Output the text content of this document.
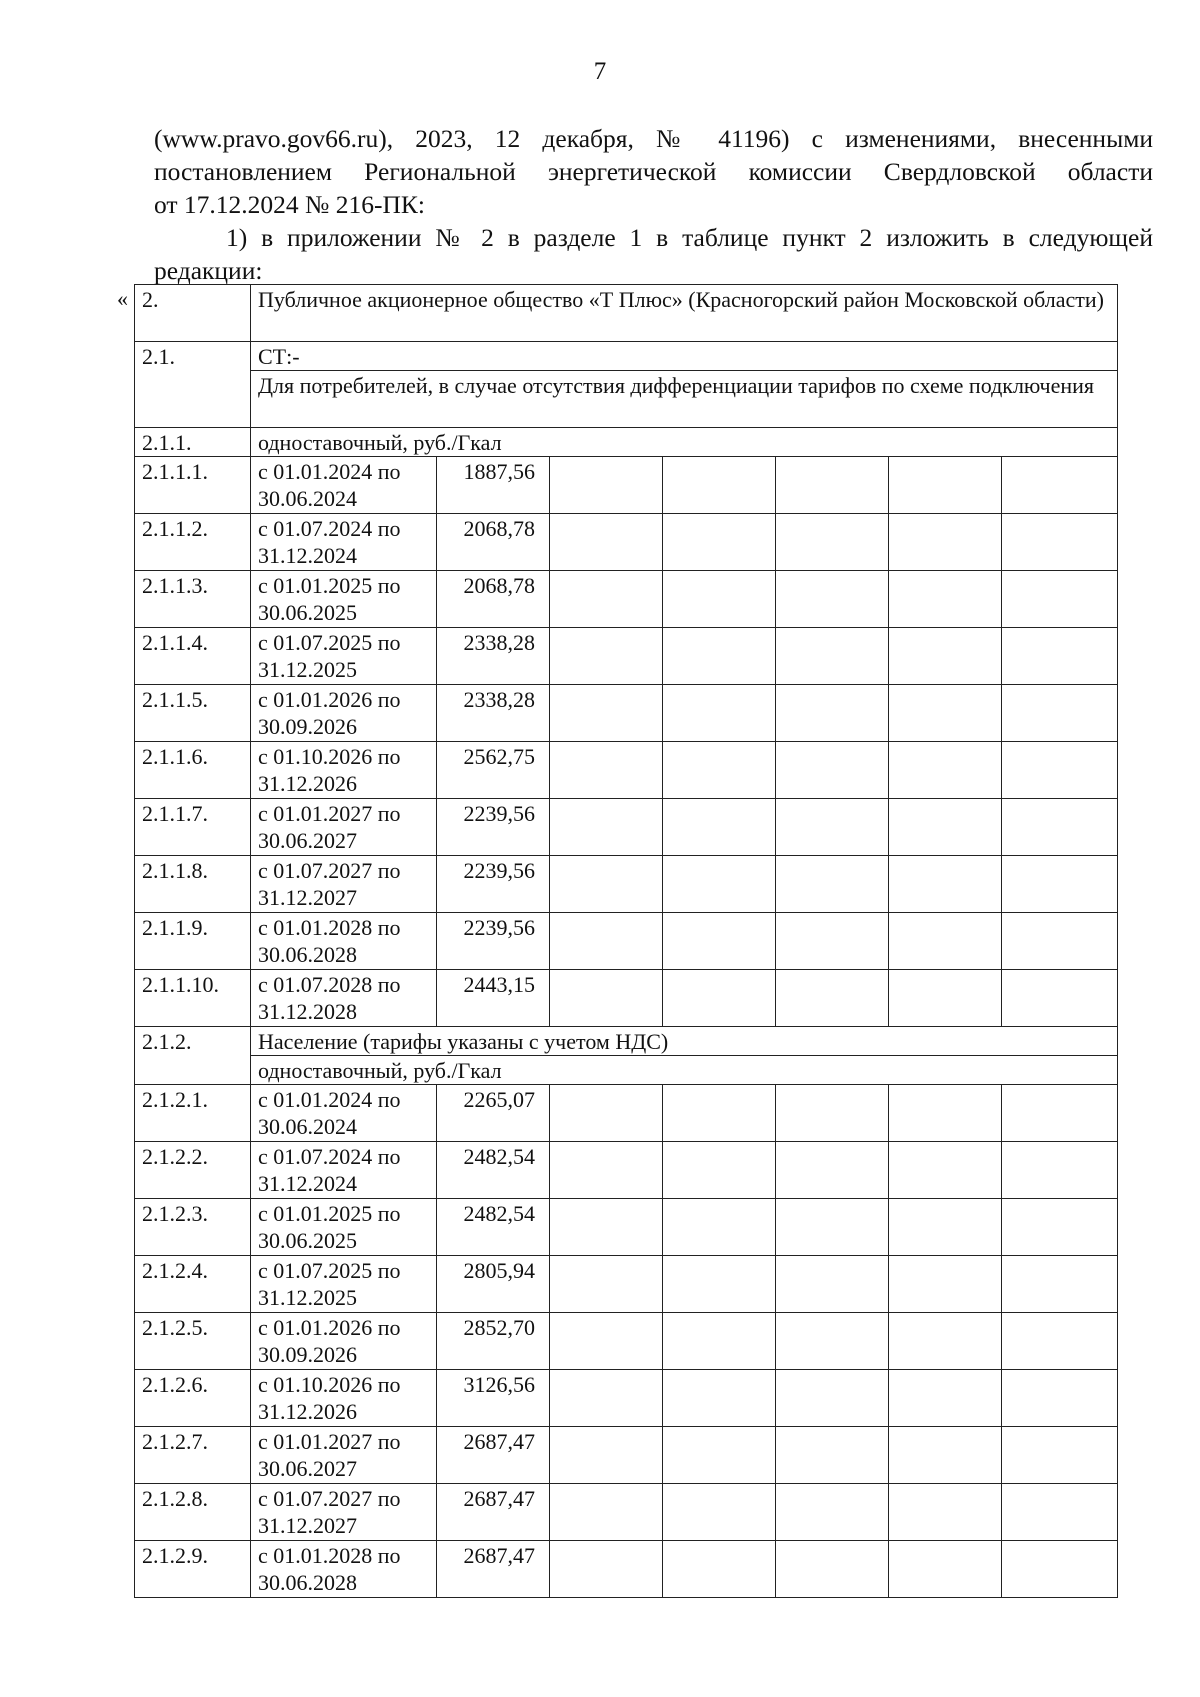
7

(www.pravo.gov66.ru), 2023, 12 декабря, № 41196) с изменениями, внесенными

постановлением Региональной энергетической комиссии Свердловской области

от 17.12.2024 № 216-ПК:

1) в приложении № 2 в разделе 1 в таблице пункт 2 изложить в следующей

редакции:

« 2.	Публичное акционерное общество «Т Плюс» (Красногорский район Московской области)						
2.1.	СТ:-						
	Для потребителей, в случае отсутствия дифференциации тарифов по схеме подключения						
2.1.1.	одноставочный, руб./Гкал						
2.1.1.1.	с 01.01.2024 по 30.06.2024	1887,56					
2.1.1.2.	с 01.07.2024 по 31.12.2024	2068,78					
2.1.1.3.	с 01.01.2025 по 30.06.2025	2068,78					
2.1.1.4.	с 01.07.2025 по 31.12.2025	2338,28					
2.1.1.5.	с 01.01.2026 по 30.09.2026	2338,28					
2.1.1.6.	с 01.10.2026 по 31.12.2026	2562,75					
2.1.1.7.	с 01.01.2027 по 30.06.2027	2239,56					
2.1.1.8.	с 01.07.2027 по 31.12.2027	2239,56					
2.1.1.9.	с 01.01.2028 по 30.06.2028	2239,56					
2.1.1.10.	с 01.07.2028 по 31.12.2028	2443,15					
2.1.2.	Население (тарифы указаны с учетом НДС)						
	одноставочный, руб./Гкал						
2.1.2.1.	с 01.01.2024 по 30.06.2024	2265,07					
2.1.2.2.	с 01.07.2024 по 31.12.2024	2482,54					
2.1.2.3.	с 01.01.2025 по 30.06.2025	2482,54					
2.1.2.4.	с 01.07.2025 по 31.12.2025	2805,94					
2.1.2.5.	с 01.01.2026 по 30.09.2026	2852,70					
2.1.2.6.	с 01.10.2026 по 31.12.2026	3126,56					
2.1.2.7.	с 01.01.2027 по 30.06.2027	2687,47					
2.1.2.8.	с 01.07.2027 по 31.12.2027	2687,47					
2.1.2.9.	с 01.01.2028 по 30.06.2028	2687,47					
